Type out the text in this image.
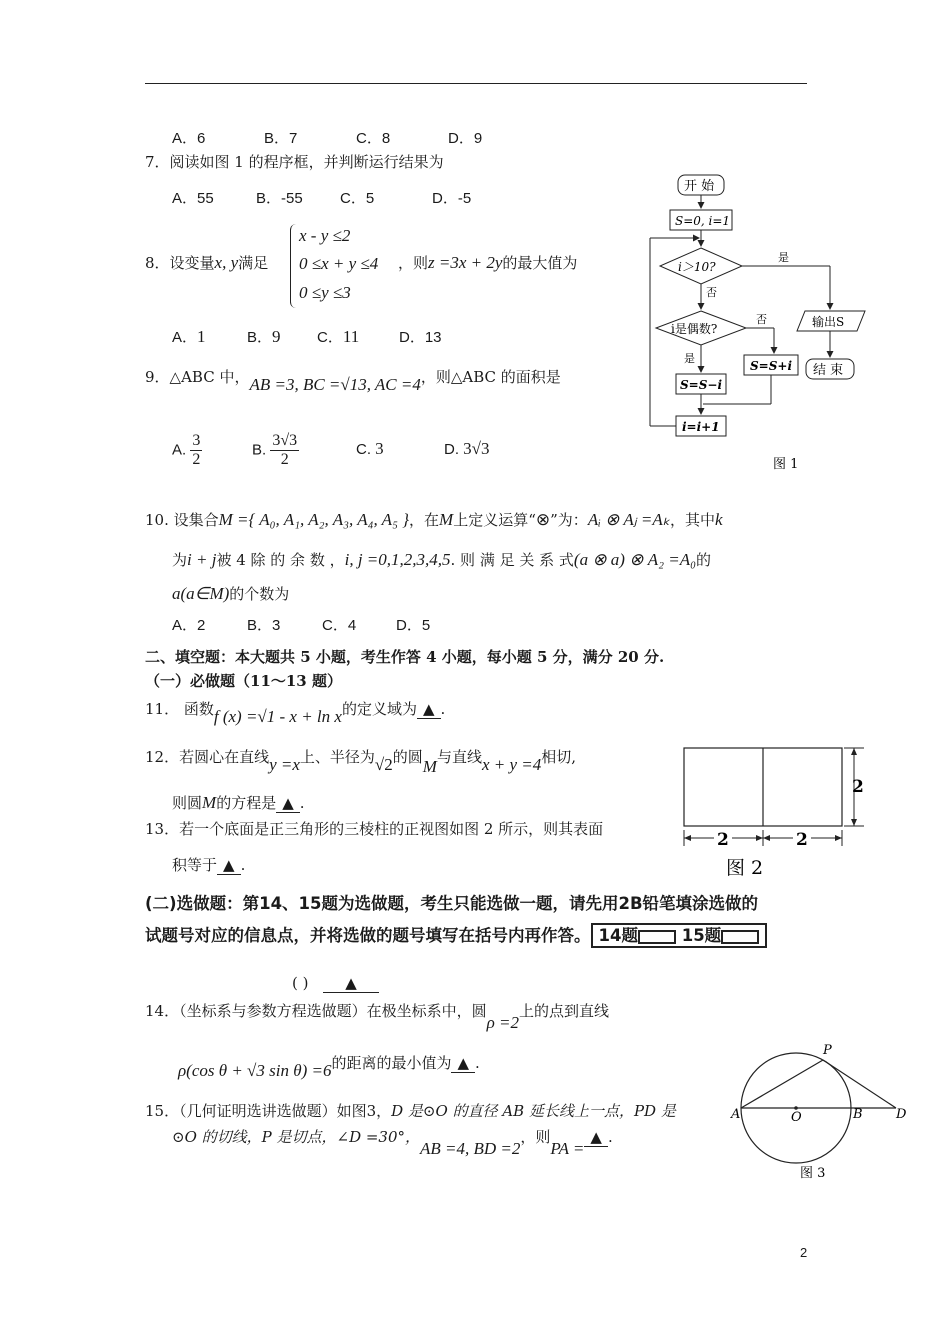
A．6	B．7	C．8	D．9
7．阅读如图 1 的程序框，并判断运行结果为
A．55	B．-55 C．5	D．-5
8．设变量x, y满足
x - y ≤2
0 ≤x + y ≤4
0 ≤y ≤3
，则z =3x + 2y的最大值为
A．1	B．9 C．11	D．13
9．△ABC 中，AB =3, BC =√13, AC =4，则△ABC 的面积是
A. $\frac{3}{2}$	B. $\frac{3√3}{2}$	C. 3	D. 3√3
10. 设集合M ={ A₀, A₁, A₂, A₃, A₄, A₅ }，在M上定义运算“⊗”为：Aᵢ ⊗ Aⱼ =Aₖ，其中k
为i + j被 4 除 的 余 数 ，i, j =0,1,2,3,4,5. 则 满 足 关 系 式(a ⊗ a) ⊗ A₂ =A₀的
a(a∈M)的个数为
A．2	B．3	C．4	D．5
二、填空题：本大题共 5 小题，考生作答 4 小题，每小题 5 分，满分 20 分.
（一）必做题（11～13 题）
11． 函数f (x) =√1 - x + ln x的定义域为 ▲ .
12．若圆心在直线y =x上、半径为√2的圆M与直线x + y =4相切,
则圆M的方程是 ▲ .
13．若一个底面是正三角形的三棱柱的正视图如图 2 所示，则其表面
积等于 ▲ .
2
2	2
图 2
(二)选做题：第14、15题为选做题，考生只能选做一题，请先用2B铅笔填涂选做的
试题号对应的信息点，并将选做的题号填写在括号内再作答。 14题	15题
( ) ▲
14．（坐标系与参数方程选做题）在极坐标系中，圆ρ =2上的点到直线
ρ(cos θ + √3 sin θ) =6的距离的最小值为 ▲ .
15．（几何证明选讲选做题）如图3，D 是⊙O 的直径 AB 延长线上一点，PD 是
⊙O 的切线，P 是切点，∠D =30°，AB =4, BD =2，则PA =▲ .
P
A	O	B	D
图 3
开 始
S=0, i=1
i＞10?
是
否
i是偶数?
否
是
S=S+i
S=S−i
i=i+1
输出S
结 束
图 1
2
